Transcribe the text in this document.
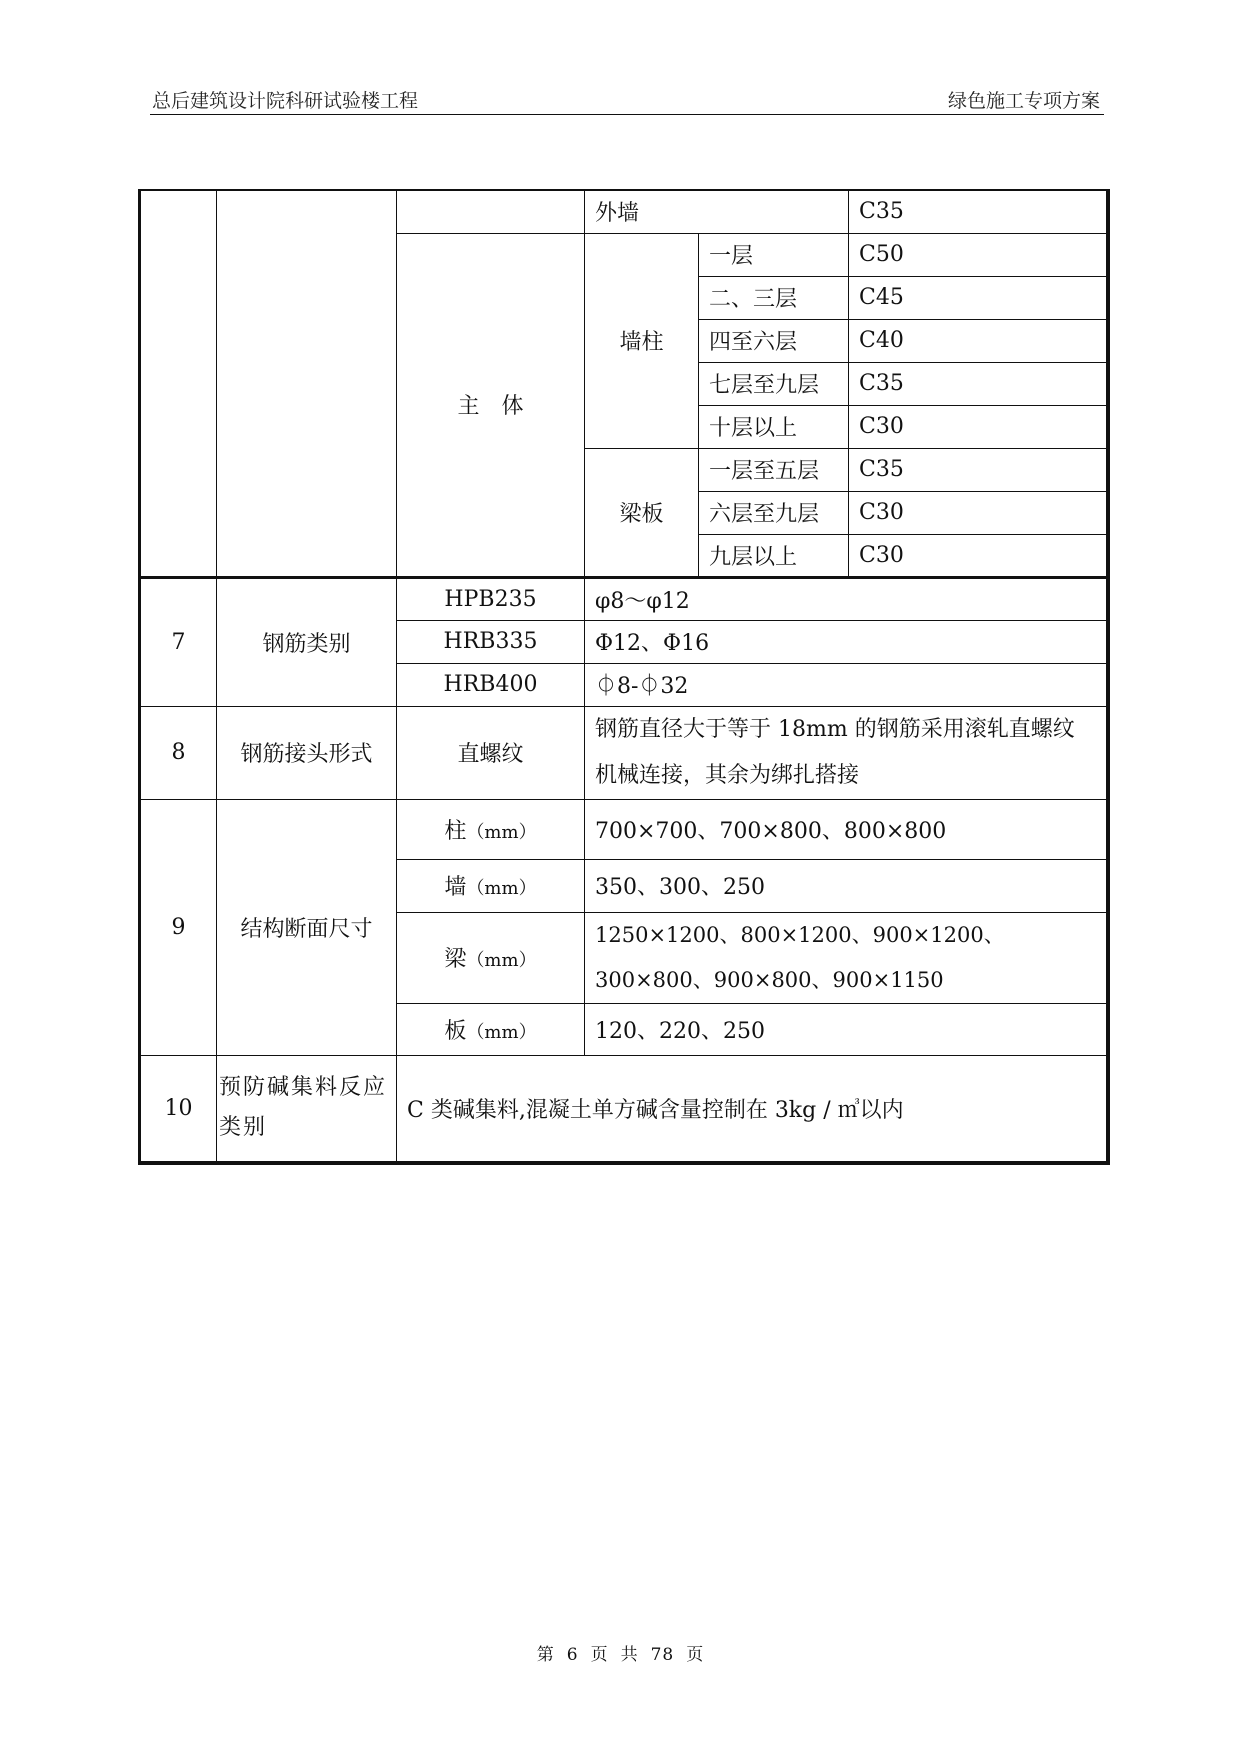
总后建筑设计院科研试验楼工程	绿色施工专项方案
			外墙		C35
		主　体	墙柱	一层	C50
				二、三层	C45
				四至六层	C40
				七层至九层	C35
				十层以上	C30
			梁板	一层至五层	C35
				六层至九层	C30
				九层以上	C30

7	钢筋类别	HPB235	φ8～φ12		
		HRB335	Φ12、Φ16		
		HRB400	⏀8-⏀32		
8	钢筋接头形式	直螺纹	钢筋直径大于等于 18mm 的钢筋采用滚轧直螺纹机械连接，其余为绑扎搭接		
9	结构断面尺寸	柱（mm）	700×700、700×800、800×800		
		墙（mm）	350、300、250		
		梁（mm）	1250×1200、800×1200、900×1200、300×800、900×800、900×1150		
		板（mm）	120、220、250		
10	预防碱集料反应类别	C 类碱集料,混凝土单方碱含量控制在 3kg / ㎥以内			
第 6 页 共 78 页
